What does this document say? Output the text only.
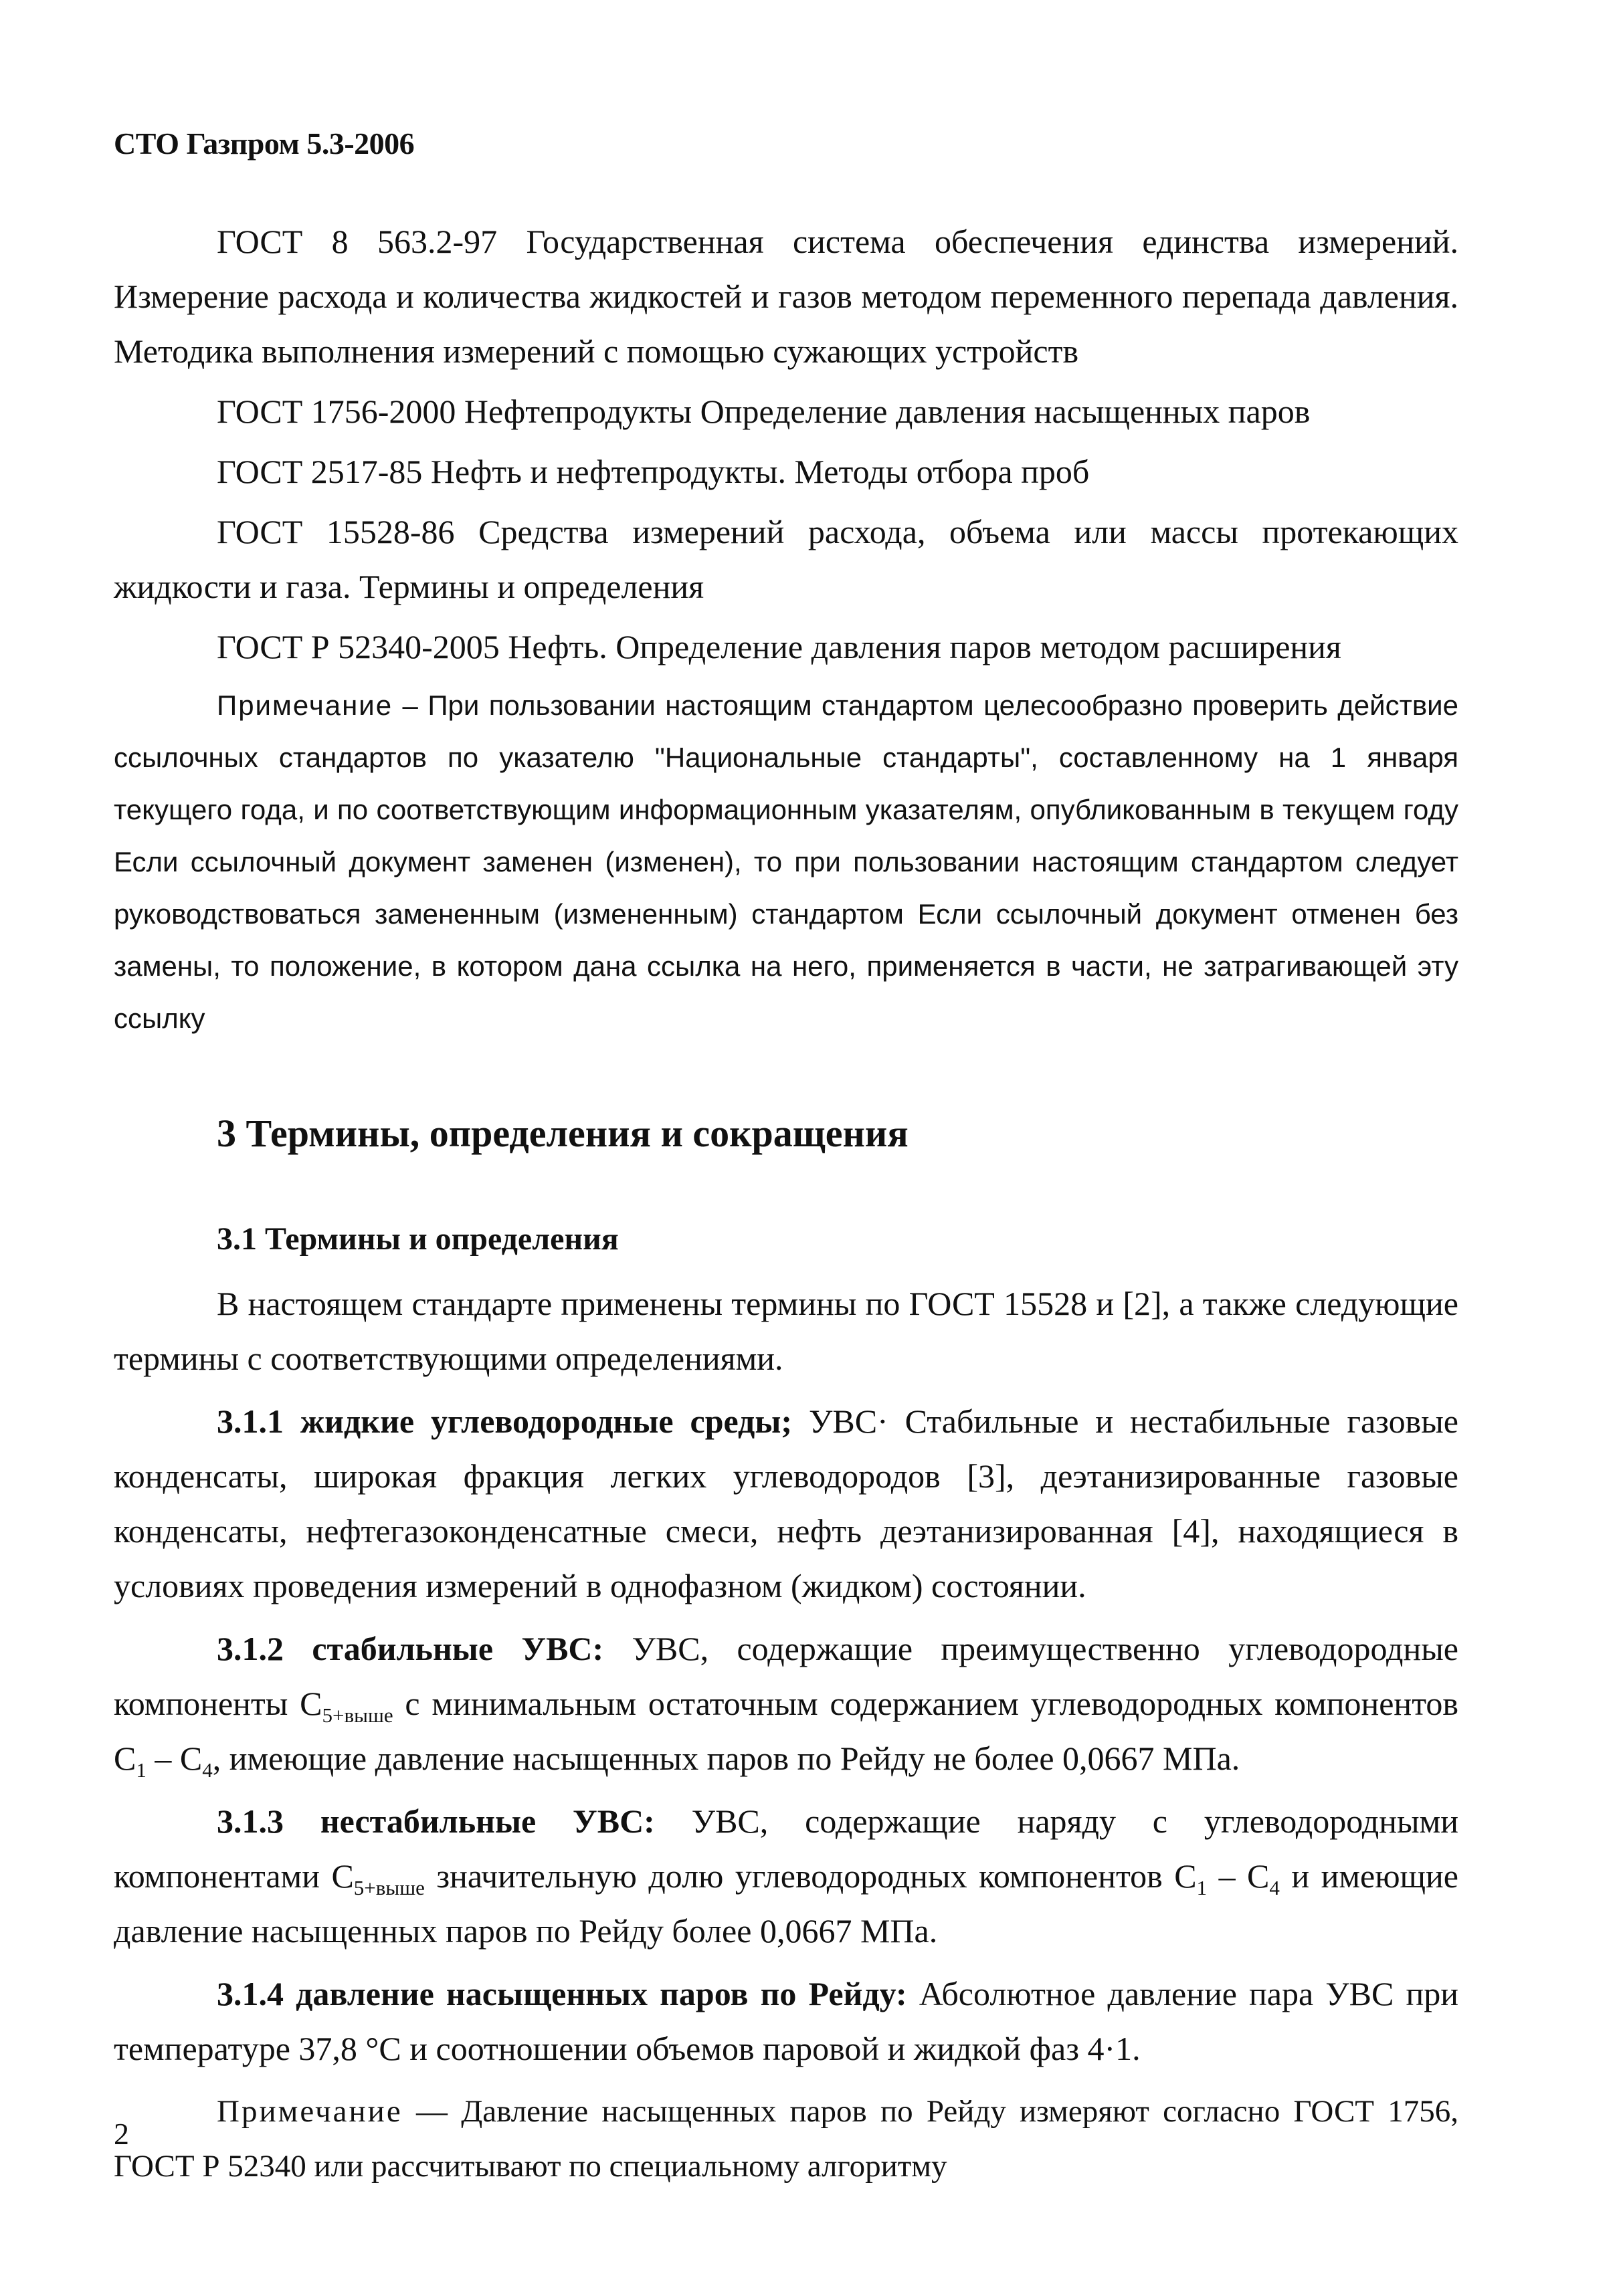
СТО Газпром 5.3-2006

ГОСТ 8 563.2-97 Государственная система обеспечения единства измерений. Измерение расхода и количества жидкостей и газов методом переменного перепада давления. Методика выполнения измерений с помощью сужающих устройств

ГОСТ 1756-2000 Нефтепродукты Определение давления насыщенных паров

ГОСТ 2517-85 Нефть и нефтепродукты. Методы отбора проб

ГОСТ 15528-86 Средства измерений расхода, объема или массы протекающих жидкости и газа. Термины и определения

ГОСТ Р 52340-2005 Нефть. Определение давления паров методом расширения

Примечание – При пользовании настоящим стандартом целесообразно проверить действие ссылочных стандартов по указателю "Национальные стандарты", составленному на 1 января текущего года, и по соответствующим информационным указателям, опубликованным в текущем году Если ссылочный документ заменен (изменен), то при пользовании настоящим стандартом следует руководствоваться замененным (измененным) стандартом Если ссылочный документ отменен без замены, то положение, в котором дана ссылка на него, применяется в части, не затрагивающей эту ссылку

3 Термины, определения и сокращения
3.1 Термины и определения

В настоящем стандарте применены термины по ГОСТ 15528 и [2], а также следующие термины с соответствующими определениями.

3.1.1 жидкие углеводородные среды; УВС· Стабильные и нестабильные газовые конденсаты, широкая фракция легких углеводородов [3], деэтанизированные газовые конденсаты, нефтегазоконденсатные смеси, нефть деэтанизированная [4], находящиеся в условиях проведения измерений в однофазном (жидком) состоянии.

3.1.2 стабильные УВС: УВС, содержащие преимущественно углеводородные компоненты $C_{5+выше}$ с минимальным остаточным содержанием углеводородных компонентов $C_1 - C_4$, имеющие давление насыщенных паров по Рейду не более 0,0667 МПа.

3.1.3 нестабильные УВС: УВС, содержащие наряду с углеводородными компонентами $C_{5+выше}$ значительную долю углеводородных компонентов $C_1 - C_4$ и имеющие давление насыщенных паров по Рейду более 0,0667 МПа.

3.1.4 давление насыщенных паров по Рейду: Абсолютное давление пара УВС при температуре 37,8 °С и соотношении объемов паровой и жидкой фаз 4·1.

Примечание — Давление насыщенных паров по Рейду измеряют согласно ГОСТ 1756, ГОСТ Р 52340 или рассчитывают по специальному алгоритму

2
